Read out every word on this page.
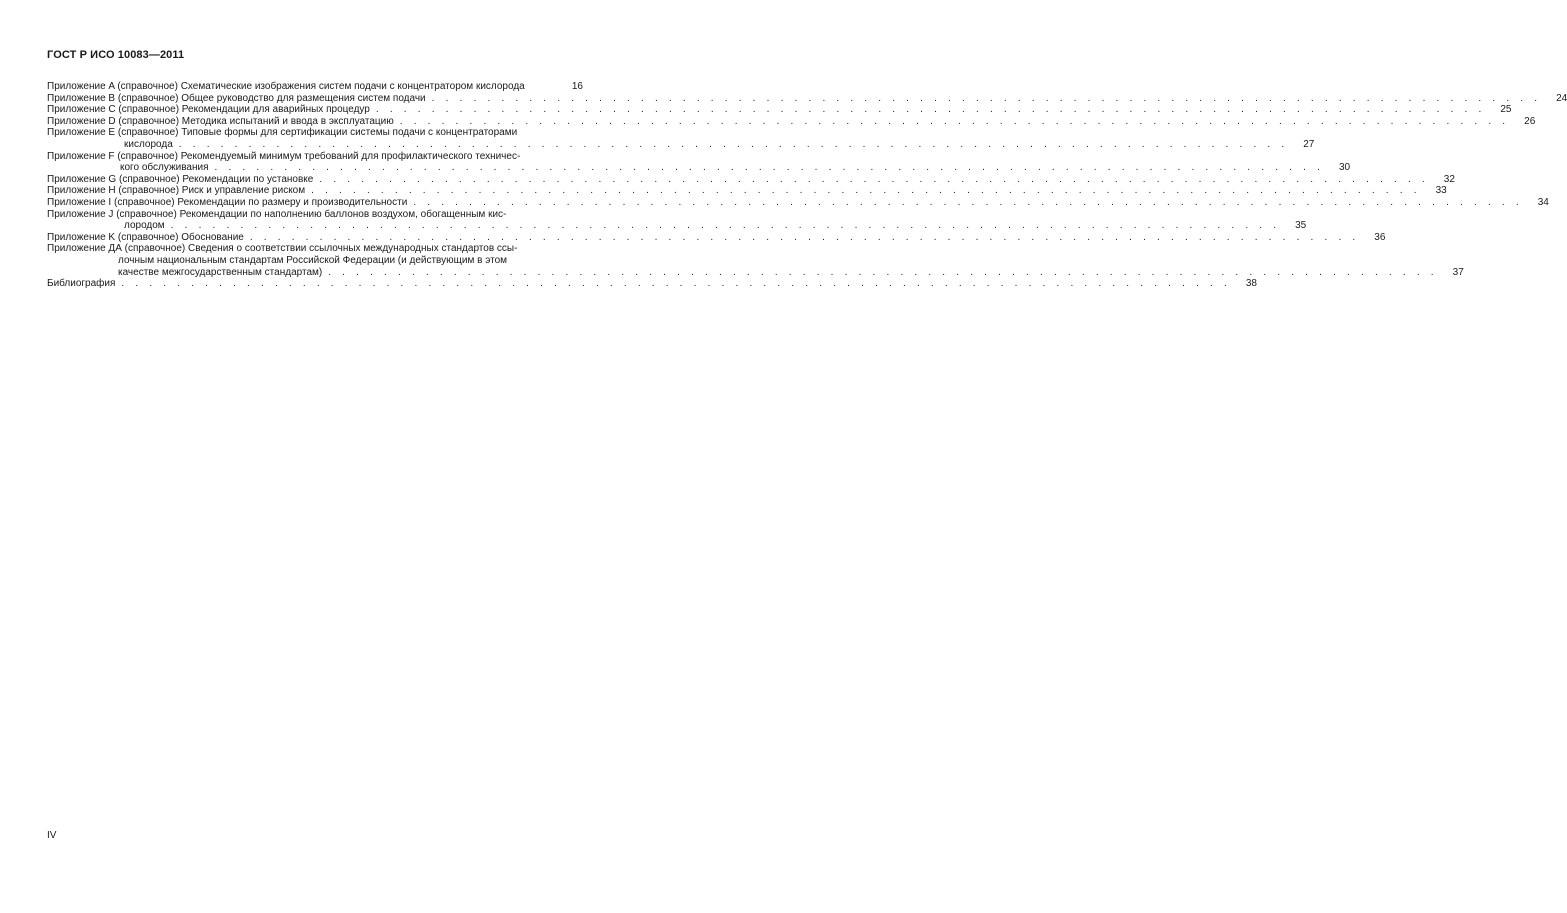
ГОСТ Р ИСО 10083—2011
Приложение A (справочное) Схематические изображения систем подачи с концентратором кислорода	16
Приложение B (справочное) Общее руководство для размещения систем подачи . . . . . . . . . . . . . . . . . . . . . . . . . . . . . . . . . . . . . . . . . . . . . . . . . . . . . . . . . . . . . . . . . . . . . . . . . . . . . . . .	24
Приложение C (справочное) Рекомендации для аварийных процедур . . . . . . . . . . . . . . . . . . . . . . . . . . . . . . . . . . . . . . . . . . . . . . . . . . . . . . . . . . . . . . . . . . . . . . . . . . . . . . . .	25
Приложение D (справочное) Методика испытаний и ввода в эксплуатацию . . . . . . . . . . . . . . . . . . . . . . . . . . . . . . . . . . . . . . . . . . . . . . . . . . . . . . . . . . . . . . . . . . . . . . . . . . . . . . . .	26
Приложение E (справочное) Типовые формы для сертификации системы подачи с концентраторами
кислорода . . . . . . . . . . . . . . . . . . . . . . . . . . . . . . . . . . . . . . . . . . . . . . . . . . . . . . . . . . . . . . . . . . . . . . . . . . . . . . . .	27
Приложение F (справочное) Рекомендуемый минимум требований для профилактического техничес-
кого обслуживания . . . . . . . . . . . . . . . . . . . . . . . . . . . . . . . . . . . . . . . . . . . . . . . . . . . . . . . . . . . . . . . . . . . . . . . . . . . . . . . .	30
Приложение G (справочное) Рекомендации по установке . . . . . . . . . . . . . . . . . . . . . . . . . . . . . . . . . . . . . . . . . . . . . . . . . . . . . . . . . . . . . . . . . . . . . . . . . . . . . . . .	32
Приложение H (справочное) Риск и управление риском . . . . . . . . . . . . . . . . . . . . . . . . . . . . . . . . . . . . . . . . . . . . . . . . . . . . . . . . . . . . . . . . . . . . . . . . . . . . . . . .	33
Приложение I (справочное) Рекомендации по размеру и производительности . . . . . . . . . . . . . . . . . . . . . . . . . . . . . . . . . . . . . . . . . . . . . . . . . . . . . . . . . . . . . . . . . . . . . . . . . . . . . . . .	34
Приложение J (справочное) Рекомендации по наполнению баллонов воздухом, обогащенным кис-
лородом . . . . . . . . . . . . . . . . . . . . . . . . . . . . . . . . . . . . . . . . . . . . . . . . . . . . . . . . . . . . . . . . . . . . . . . . . . . . . . . .	35
Приложение K (справочное) Обоснование . . . . . . . . . . . . . . . . . . . . . . . . . . . . . . . . . . . . . . . . . . . . . . . . . . . . . . . . . . . . . . . . . . . . . . . . . . . . . . . .	36
Приложение ДА (справочное) Сведения о соответствии ссылочных международных стандартов ссы-
лочным национальным стандартам Российской Федерации (и действующим в этом
качестве межгосударственным стандартам) . . . . . . . . . . . . . . . . . . . . . . . . . . . . . . . . . . . . . . . . . . . . . . . . . . . . . . . . . . . . . . . . . . . . . . . . . . . . . . . .	37
Библиография . . . . . . . . . . . . . . . . . . . . . . . . . . . . . . . . . . . . . . . . . . . . . . . . . . . . . . . . . . . . . . . . . . . . . . . . . . . . . . . .	38
IV
